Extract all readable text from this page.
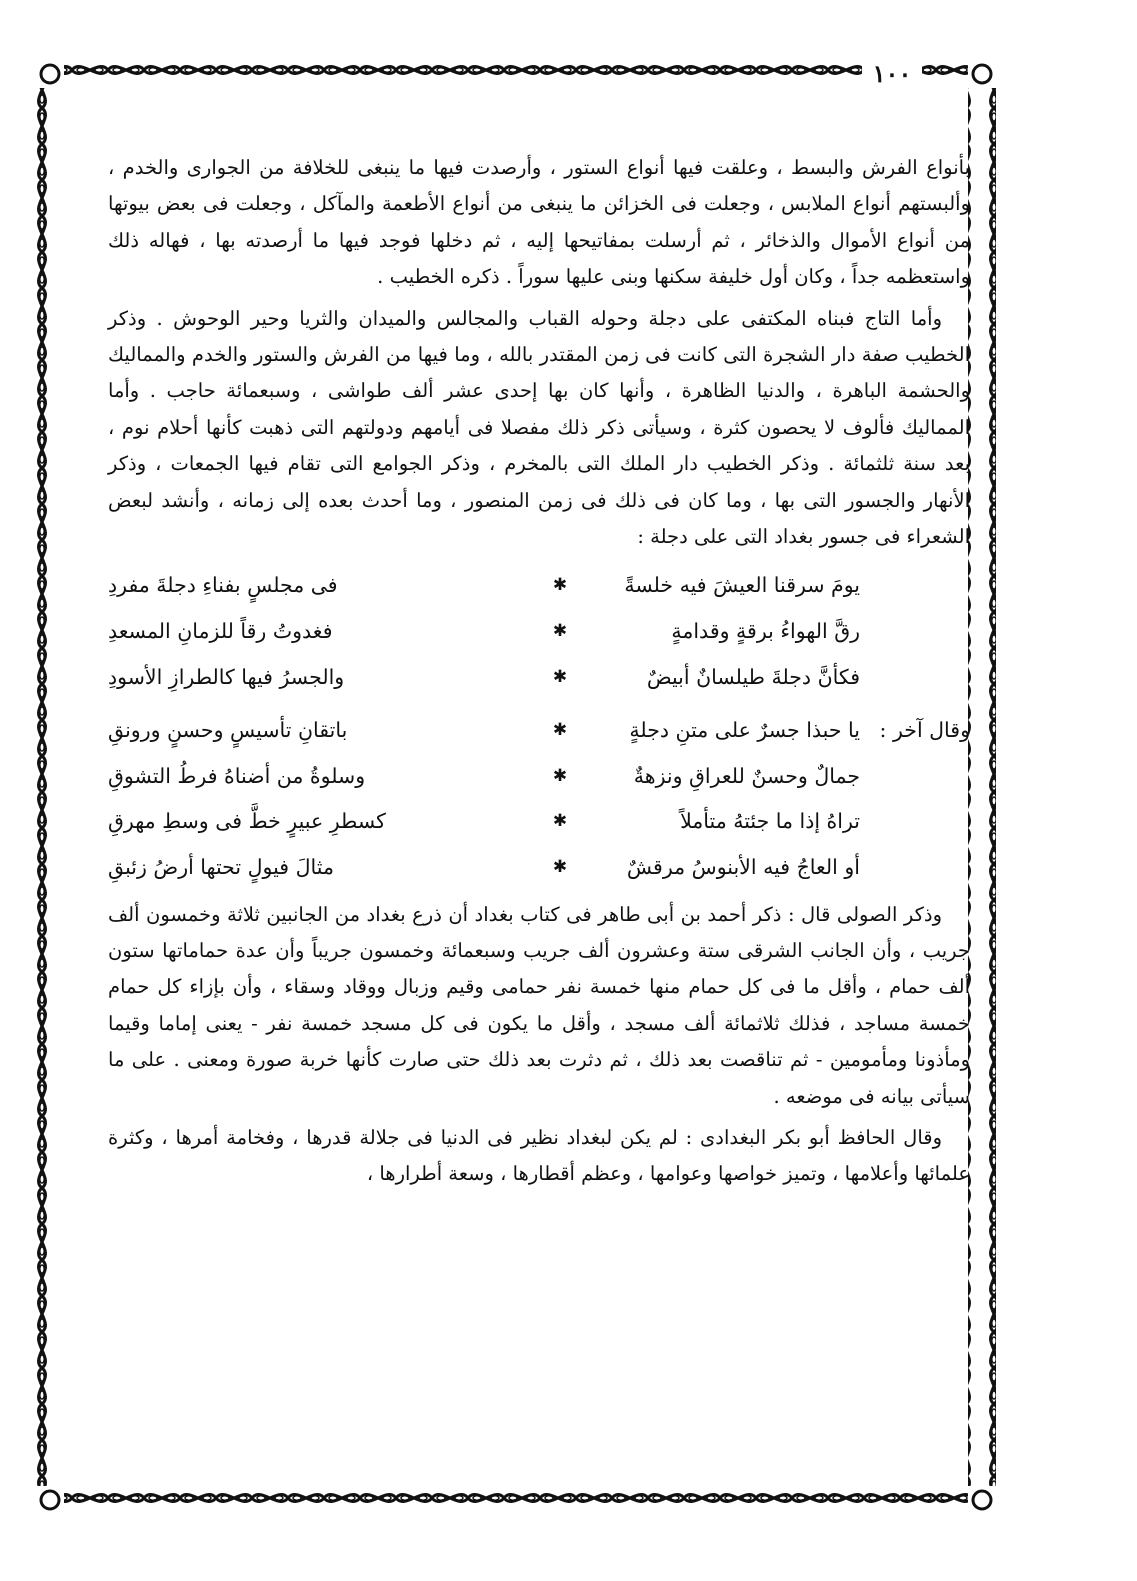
١٠٠

بأنواع الفرش والبسط ، وعلقت فيها أنواع الستور ، وأرصدت فيها ما ينبغى للخلافة من الجوارى والخدم ، وألبستهم أنواع الملابس ، وجعلت فى الخزائن ما ينبغى من أنواع الأطعمة والمآكل ، وجعلت فى بعض بيوتها من أنواع الأموال والذخائر ، ثم أرسلت بمفاتيحها إليه ، ثم دخلها فوجد فيها ما أرصدته بها ، فهاله ذلك واستعظمه جداً ، وكان أول خليفة سكنها وبنى عليها سوراً . ذكره الخطيب .

وأما التاج فبناه المكتفى على دجلة وحوله القباب والمجالس والميدان والثريا وحير الوحوش . وذكر الخطيب صفة دار الشجرة التى كانت فى زمن المقتدر بالله ، وما فيها من الفرش والستور والخدم والمماليك والحشمة الباهرة ، والدنيا الظاهرة ، وأنها كان بها إحدى عشر ألف طواشى ، وسبعمائة حاجب . وأما المماليك فألوف لا يحصون كثرة ، وسيأتى ذكر ذلك مفصلا فى أيامهم ودولتهم التى ذهبت كأنها أحلام نوم ، بعد سنة ثلثمائة . وذكر الخطيب دار الملك التى بالمخرم ، وذكر الجوامع التى تقام فيها الجمعات ، وذكر الأنهار والجسور التى بها ، وما كان فى ذلك فى زمن المنصور ، وما أحدث بعده إلى زمانه ، وأنشد لبعض الشعراء فى جسور بغداد التى على دجلة :

يومَ سرقنا العيشَ فيه خلسةً
✱
فى مجلسٍ بفناءِ دجلةَ مفردِ
رقَّ الهواءُ برقةٍ وقدامةٍ
✱
فغدوتُ رقاً للزمانِ المسعدِ
فكأنَّ دجلةَ طيلسانٌ أبيضٌ
✱
والجسرُ فيها كالطرازِ الأسودِ
وقال آخر :
يا حبذا جسرٌ على متنِ دجلةٍ
✱
باتقانِ تأسيسٍ وحسنٍ ورونقِ
جمالٌ وحسنٌ للعراقِ ونزهةٌ
✱
وسلوةُ من أضناهُ فرطُ التشوقِ
تراهُ إذا ما جئتهُ متأملاً
✱
كسطرِ عبيرٍ خطَّ فى وسطِ مهرقِ
أو العاجُ فيه الأبنوسُ مرقشٌ
✱
مثالَ فيولٍ تحتها أرضُ زئبقِ

وذكر الصولى قال : ذكر أحمد بن أبى طاهر فى كتاب بغداد أن ذرع بغداد من الجانبين ثلاثة وخمسون ألف جريب ، وأن الجانب الشرقى ستة وعشرون ألف جريب وسبعمائة وخمسون جريباً وأن عدة حماماتها ستون ألف حمام ، وأقل ما فى كل حمام منها خمسة نفر حمامى وقيم وزبال ووقاد وسقاء ، وأن بإزاء كل حمام خمسة مساجد ، فذلك ثلاثمائة ألف مسجد ، وأقل ما يكون فى كل مسجد خمسة نفر - يعنى إماما وقيما ومأذونا ومأمومين - ثم تناقصت بعد ذلك ، ثم دثرت بعد ذلك حتى صارت كأنها خربة صورة ومعنى . على ما سيأتى بيانه فى موضعه .

وقال الحافظ أبو بكر البغدادى : لم يكن لبغداد نظير فى الدنيا فى جلالة قدرها ، وفخامة أمرها ، وكثرة علمائها وأعلامها ، وتميز خواصها وعوامها ، وعظم أقطارها ، وسعة أطرارها ،
